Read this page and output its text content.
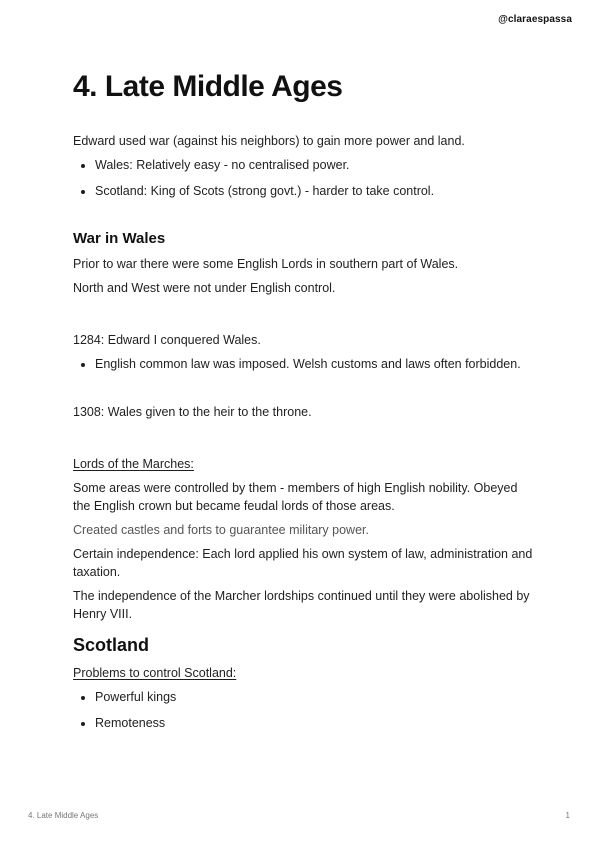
@claraespassa
4. Late Middle Ages

Edward used war (against his neighbors) to gain more power and land.

• Wales: Relatively easy - no centralised power.
• Scotland: King of Scots (strong govt.) - harder to take control.
War in Wales

Prior to war there were some English Lords in southern part of Wales.

North and West were not under English control.

1284: Edward I conquered Wales.

• English common law was imposed. Welsh customs and laws often forbidden.

1308: Wales given to the heir to the throne.

Lords of the Marches:

Some areas were controlled by them - members of high English nobility. Obeyed the English crown but became feudal lords of those areas.

Created castles and forts to guarantee military power.

Certain independence: Each lord applied his own system of law, administration and taxation.

The independence of the Marcher lordships continued until they were abolished by Henry VIII.

Scotland

Problems to control Scotland:

• Powerful kings
• Remoteness
4. Late Middle Ages	1
